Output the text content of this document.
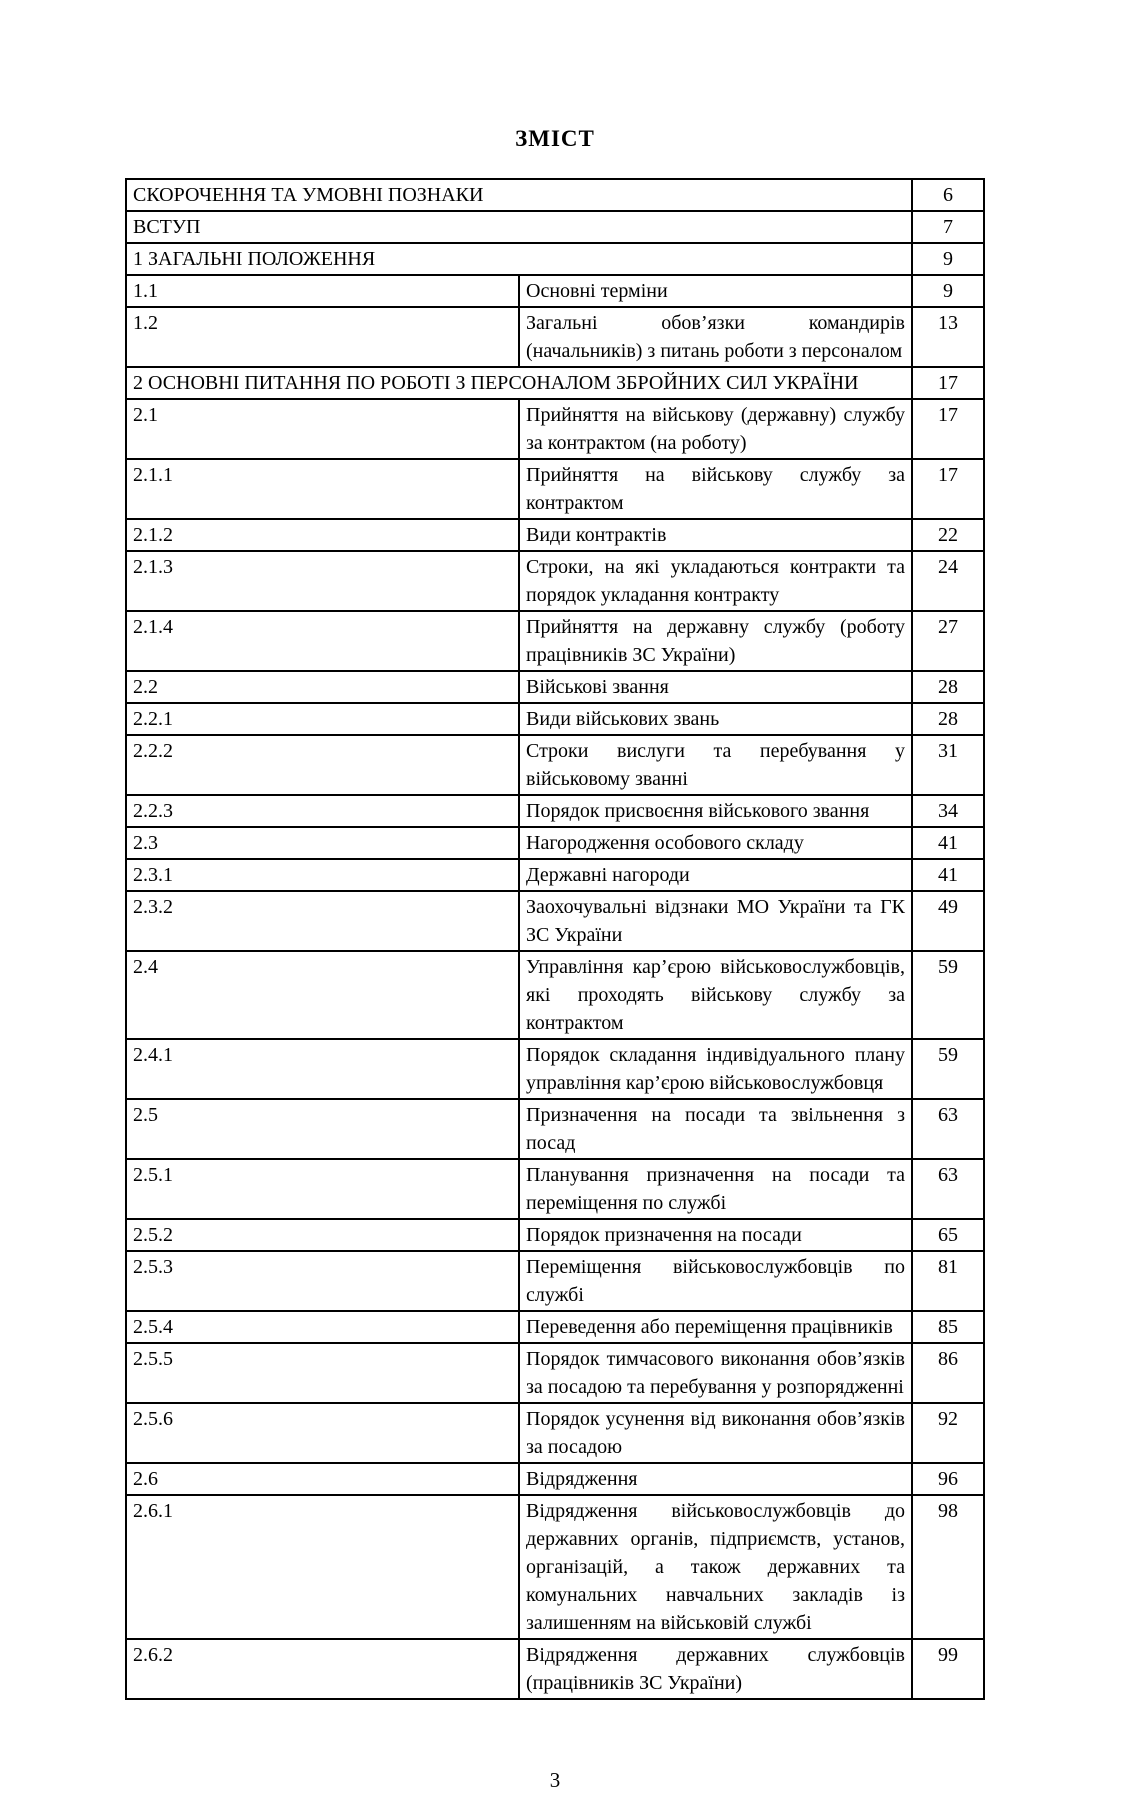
ЗМІСТ
СКОРОЧЕННЯ ТА УМОВНІ ПОЗНАКИ		6
ВСТУП		7
1 ЗАГАЛЬНІ ПОЛОЖЕННЯ		9
1.1	Основні терміни	9
1.2	Загальні обов’язки командирів (начальників) з питань роботи з персоналом	13
2 ОСНОВНІ ПИТАННЯ ПО РОБОТІ З ПЕРСОНАЛОМ ЗБРОЙНИХ СИЛ УКРАЇНИ		17
2.1	Прийняття на військову (державну) службу за контрактом (на роботу)	17
2.1.1	Прийняття на військову службу за контрактом	17
2.1.2	Види контрактів	22
2.1.3	Строки, на які укладаються контракти та порядок укладання контракту	24
2.1.4	Прийняття на державну службу (роботу працівників ЗС України)	27
2.2	Військові звання	28
2.2.1	Види військових звань	28
2.2.2	Строки вислуги та перебування у військовому званні	31
2.2.3	Порядок присвоєння військового звання	34
2.3	Нагородження особового складу	41
2.3.1	Державні нагороди	41
2.3.2	Заохочувальні відзнаки МО України та ГК ЗС України	49
2.4	Управління кар’єрою військовослужбовців, які проходять військову службу за контрактом	59
2.4.1	Порядок складання індивідуального плану управління кар’єрою військовослужбовця	59
2.5	Призначення на посади та звільнення з посад	63
2.5.1	Планування призначення на посади та переміщення по службі	63
2.5.2	Порядок призначення на посади	65
2.5.3	Переміщення військовослужбовців по службі	81
2.5.4	Переведення або переміщення працівників	85
2.5.5	Порядок тимчасового виконання обов’язків за посадою та перебування у розпорядженні	86
2.5.6	Порядок усунення від виконання обов’язків за посадою	92
2.6	Відрядження	96
2.6.1	Відрядження військовослужбовців до державних органів, підприємств, установ, організацій, а також державних та комунальних навчальних закладів із залишенням на військовій службі	98
2.6.2	Відрядження державних службовців (працівників ЗС України)	99
3
